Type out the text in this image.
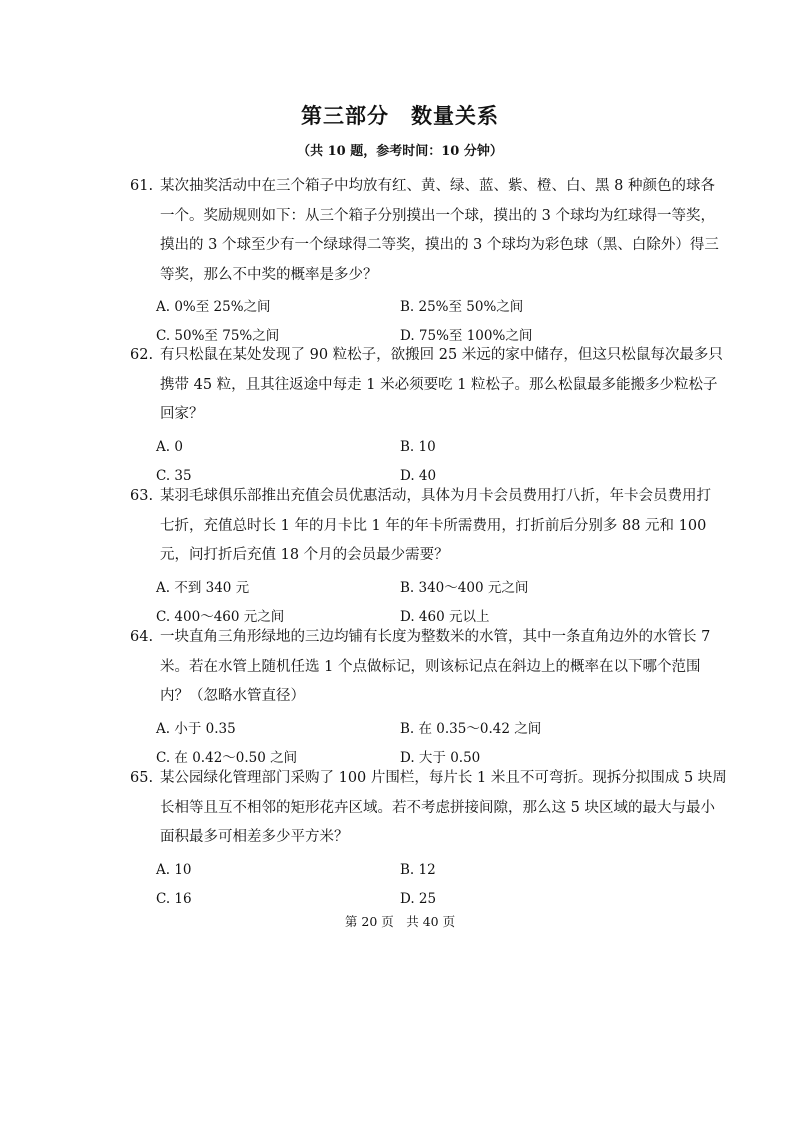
第三部分　数量关系
（共 10 题，参考时间：10 分钟）
61. 某次抽奖活动中在三个箱子中均放有红、黄、绿、蓝、紫、橙、白、黑 8 种颜色的球各
一个。奖励规则如下：从三个箱子分别摸出一个球，摸出的 3 个球均为红球得一等奖，
摸出的 3 个球至少有一个绿球得二等奖，摸出的 3 个球均为彩色球（黑、白除外）得三
等奖，那么不中奖的概率是多少？
A. 0%至 25%之间	B. 25%至 50%之间
C. 50%至 75%之间	D. 75%至 100%之间
62. 有只松鼠在某处发现了 90 粒松子，欲搬回 25 米远的家中储存，但这只松鼠每次最多只
携带 45 粒，且其往返途中每走 1 米必须要吃 1 粒松子。那么松鼠最多能搬多少粒松子
回家？
A. 0	B. 10
C. 35	D. 40
63. 某羽毛球俱乐部推出充值会员优惠活动，具体为月卡会员费用打八折，年卡会员费用打
七折，充值总时长 1 年的月卡比 1 年的年卡所需费用，打折前后分别多 88 元和 100
元，问打折后充值 18 个月的会员最少需要？
A. 不到 340 元	B. 340～400 元之间
C. 400～460 元之间	D. 460 元以上
64. 一块直角三角形绿地的三边均铺有长度为整数米的水管，其中一条直角边外的水管长 7
米。若在水管上随机任选 1 个点做标记，则该标记点在斜边上的概率在以下哪个范围
内？（忽略水管直径）
A. 小于 0.35	B. 在 0.35～0.42 之间
C. 在 0.42～0.50 之间	D. 大于 0.50
65. 某公园绿化管理部门采购了 100 片围栏，每片长 1 米且不可弯折。现拆分拟围成 5 块周
长相等且互不相邻的矩形花卉区域。若不考虑拼接间隙，那么这 5 块区域的最大与最小
面积最多可相差多少平方米？
A. 10	B. 12
C. 16	D. 25
第 20 页　共 40 页
